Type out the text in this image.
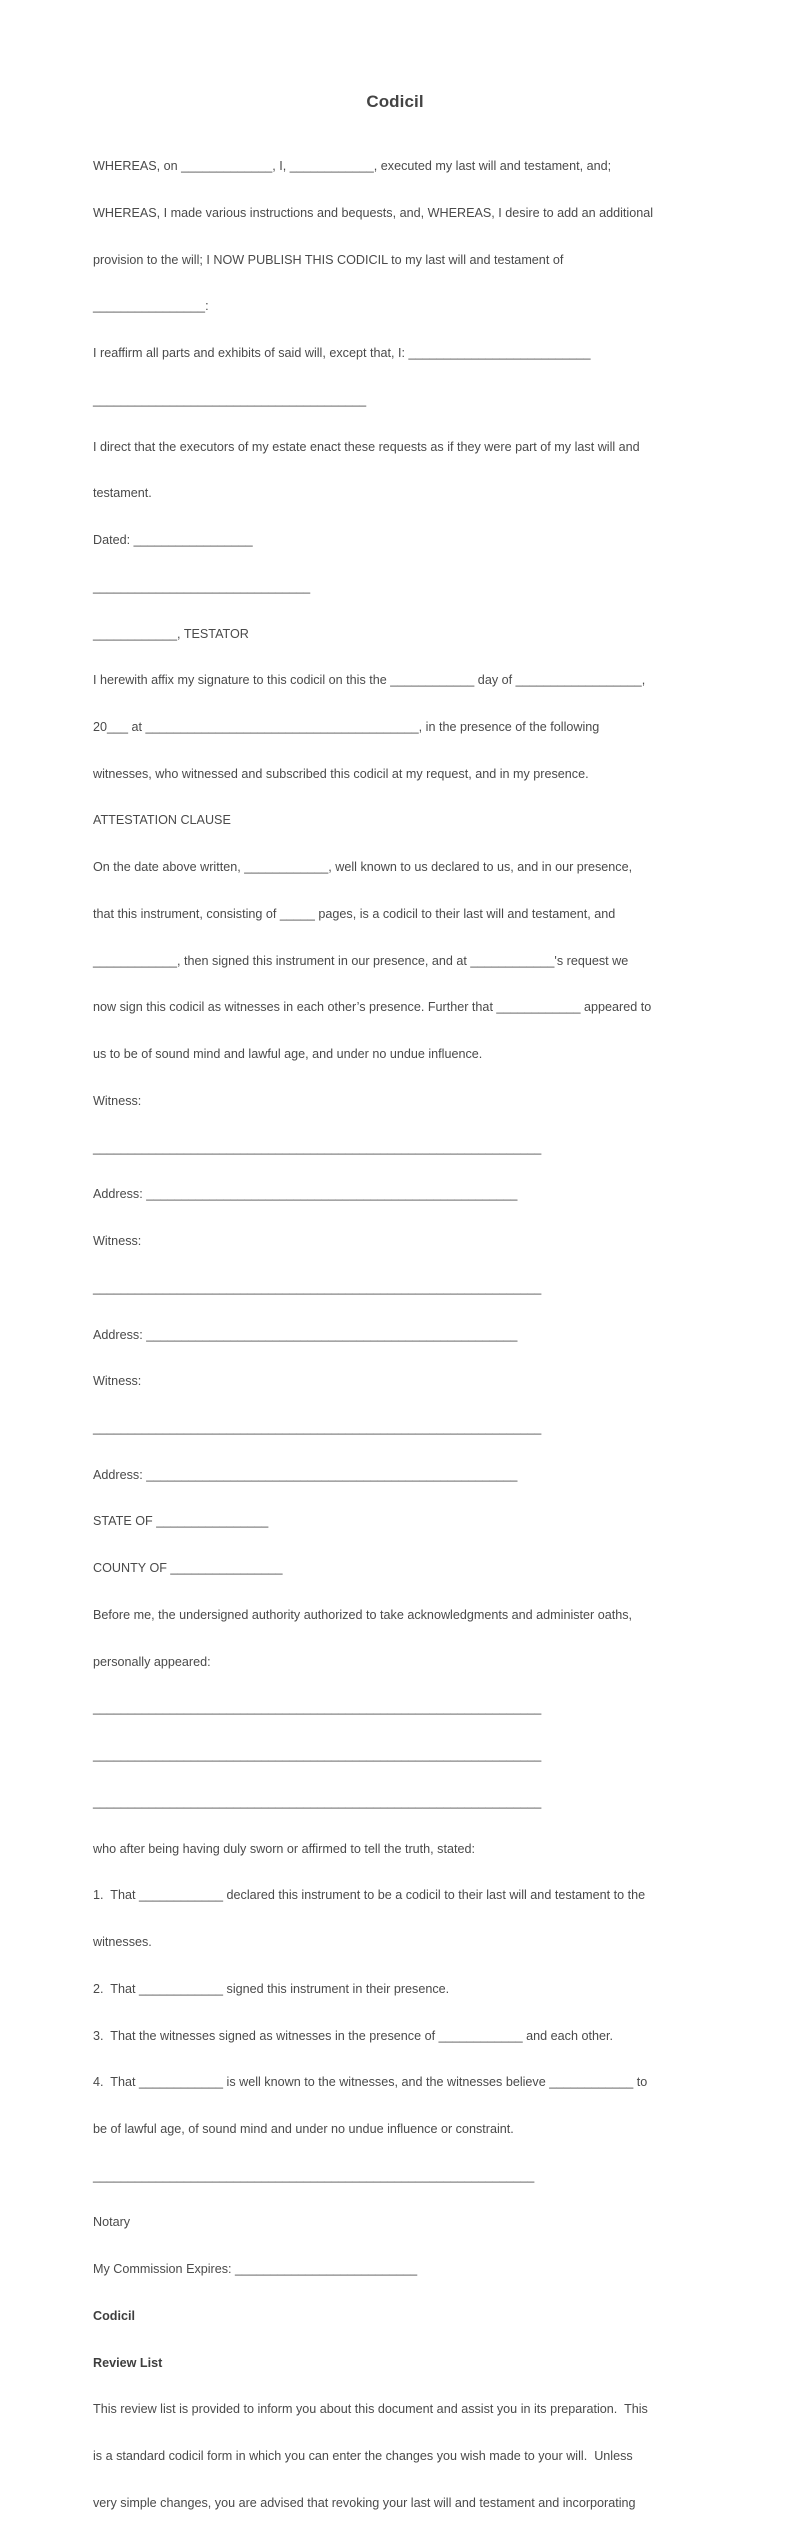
Codicil

WHEREAS, on _____________, I, ____________, executed my last will and testament, and;

WHEREAS, I made various instructions and bequests, and, WHEREAS, I desire to add an additional

provision to the will; I NOW PUBLISH THIS CODICIL to my last will and testament of

________________:

I reaffirm all parts and exhibits of said will, except that, I: __________________________

_______________________________________

I direct that the executors of my estate enact these requests as if they were part of my last will and

testament.

Dated: _________________

_______________________________

____________, TESTATOR

I herewith affix my signature to this codicil on this the ____________ day of __________________,

20___ at _______________________________________, in the presence of the following

witnesses, who witnessed and subscribed this codicil at my request, and in my presence.

ATTESTATION CLAUSE

On the date above written, ____________, well known to us declared to us, and in our presence,

that this instrument, consisting of _____ pages, is a codicil to their last will and testament, and

____________, then signed this instrument in our presence, and at ____________'s request we

now sign this codicil as witnesses in each other’s presence. Further that ____________ appeared to

us to be of sound mind and lawful age, and under no undue influence.

Witness:

________________________________________________________________

Address: _____________________________________________________

Witness:

________________________________________________________________

Address: _____________________________________________________

Witness:

________________________________________________________________

Address: _____________________________________________________

STATE OF ________________

COUNTY OF ________________

Before me, the undersigned authority authorized to take acknowledgments and administer oaths,

personally appeared:

________________________________________________________________

________________________________________________________________

________________________________________________________________

who after being having duly sworn or affirmed to tell the truth, stated:

1.  That ____________ declared this instrument to be a codicil to their last will and testament to the

witnesses.

2.  That ____________ signed this instrument in their presence.

3.  That the witnesses signed as witnesses in the presence of ____________ and each other.

4.  That ____________ is well known to the witnesses, and the witnesses believe ____________ to

be of lawful age, of sound mind and under no undue influence or constraint.

_______________________________________________________________

Notary

My Commission Expires: __________________________

Codicil

Review List

This review list is provided to inform you about this document and assist you in its preparation.  This

is a standard codicil form in which you can enter the changes you wish made to your will.  Unless

very simple changes, you are advised that revoking your last will and testament and incorporating
